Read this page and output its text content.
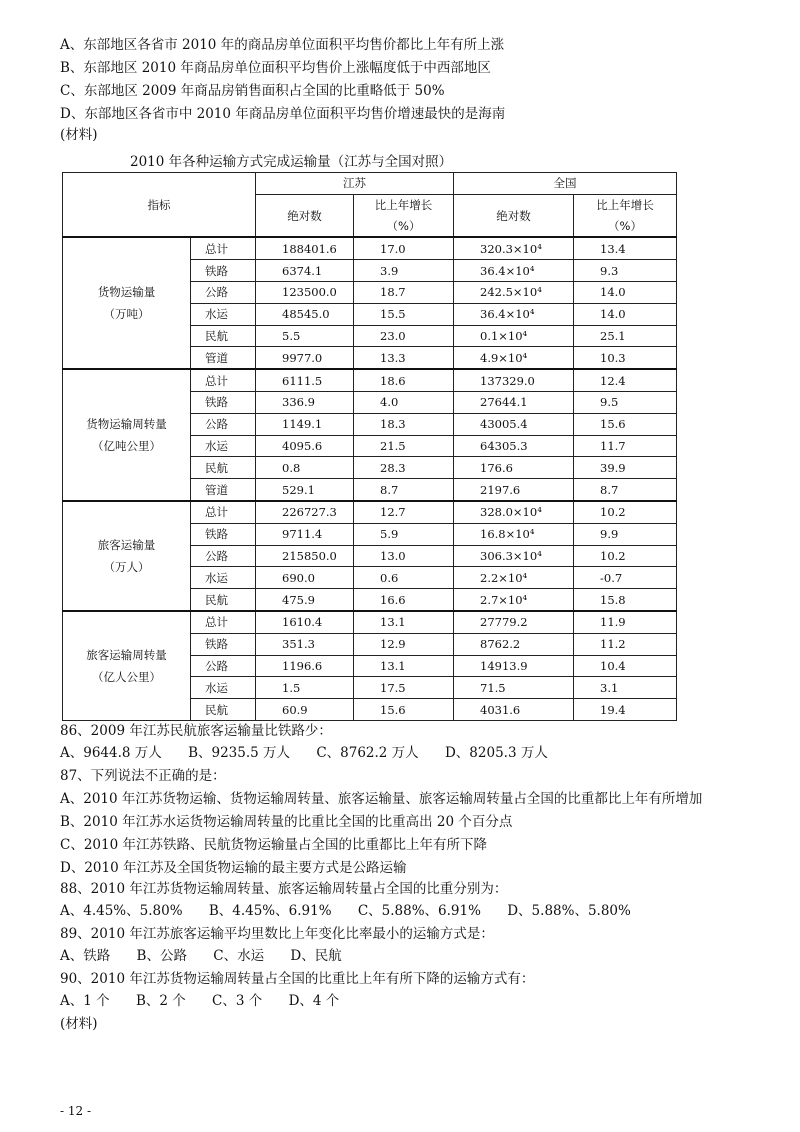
A、东部地区各省市 2010 年的商品房单位面积平均售价都比上年有所上涨
B、东部地区 2010 年商品房单位面积平均售价上涨幅度低于中西部地区
C、东部地区 2009 年商品房销售面积占全国的比重略低于 50%
D、东部地区各省市中 2010 年商品房单位面积平均售价增速最快的是海南
(材料)
2010 年各种运输方式完成运输量（江苏与全国对照）
指标		江苏		全国	
		绝对数	比上年增长	绝对数	比上年增长
			（%）		（%）

货物运输量
（万吨）	总计	188401.6	17.0	320.3×10⁴	13.4
	铁路	6374.1	3.9	36.4×10⁴	9.3
	公路	123500.0	18.7	242.5×10⁴	14.0
	水运	48545.0	15.5	36.4×10⁴	14.0
	民航	5.5	23.0	0.1×10⁴	25.1
	管道	9977.0	13.3	4.9×10⁴	10.3

货物运输周转量
（亿吨公里）	总计	6111.5	18.6	137329.0	12.4
	铁路	336.9	4.0	27644.1	9.5
	公路	1149.1	18.3	43005.4	15.6
	水运	4095.6	21.5	64305.3	11.7
	民航	0.8	28.3	176.6	39.9
	管道	529.1	8.7	2197.6	8.7

旅客运输量
（万人）	总计	226727.3	12.7	328.0×10⁴	10.2
	铁路	9711.4	5.9	16.8×10⁴	9.9
	公路	215850.0	13.0	306.3×10⁴	10.2
	水运	690.0	0.6	2.2×10⁴	-0.7
	民航	475.9	16.6	2.7×10⁴	15.8

旅客运输周转量
（亿人公里）	总计	1610.4	13.1	27779.2	11.9
	铁路	351.3	12.9	8762.2	11.2
	公路	1196.6	13.1	14913.9	10.4
	水运	1.5	17.5	71.5	3.1
	民航	60.9	15.6	4031.6	19.4
86、2009 年江苏民航旅客运输量比铁路少：
A、9644.8 万人 B、9235.5 万人 C、8762.2 万人 D、8205.3 万人
87、下列说法不正确的是：
A、2010 年江苏货物运输、货物运输周转量、旅客运输量、旅客运输周转量占全国的比重都比上年有所增加
B、2010 年江苏水运货物运输周转量的比重比全国的比重高出 20 个百分点
C、2010 年江苏铁路、民航货物运输量占全国的比重都比上年有所下降
D、2010 年江苏及全国货物运输的最主要方式是公路运输
88、2010 年江苏货物运输周转量、旅客运输周转量占全国的比重分别为：
A、4.45%、5.80% B、4.45%、6.91% C、5.88%、6.91% D、5.88%、5.80%
89、2010 年江苏旅客运输平均里数比上年变化比率最小的运输方式是：
A、铁路 B、公路 C、水运 D、民航
90、2010 年江苏货物运输周转量占全国的比重比上年有所下降的运输方式有：
A、1 个 B、2 个 C、3 个 D、4 个
(材料)
- 12 -
